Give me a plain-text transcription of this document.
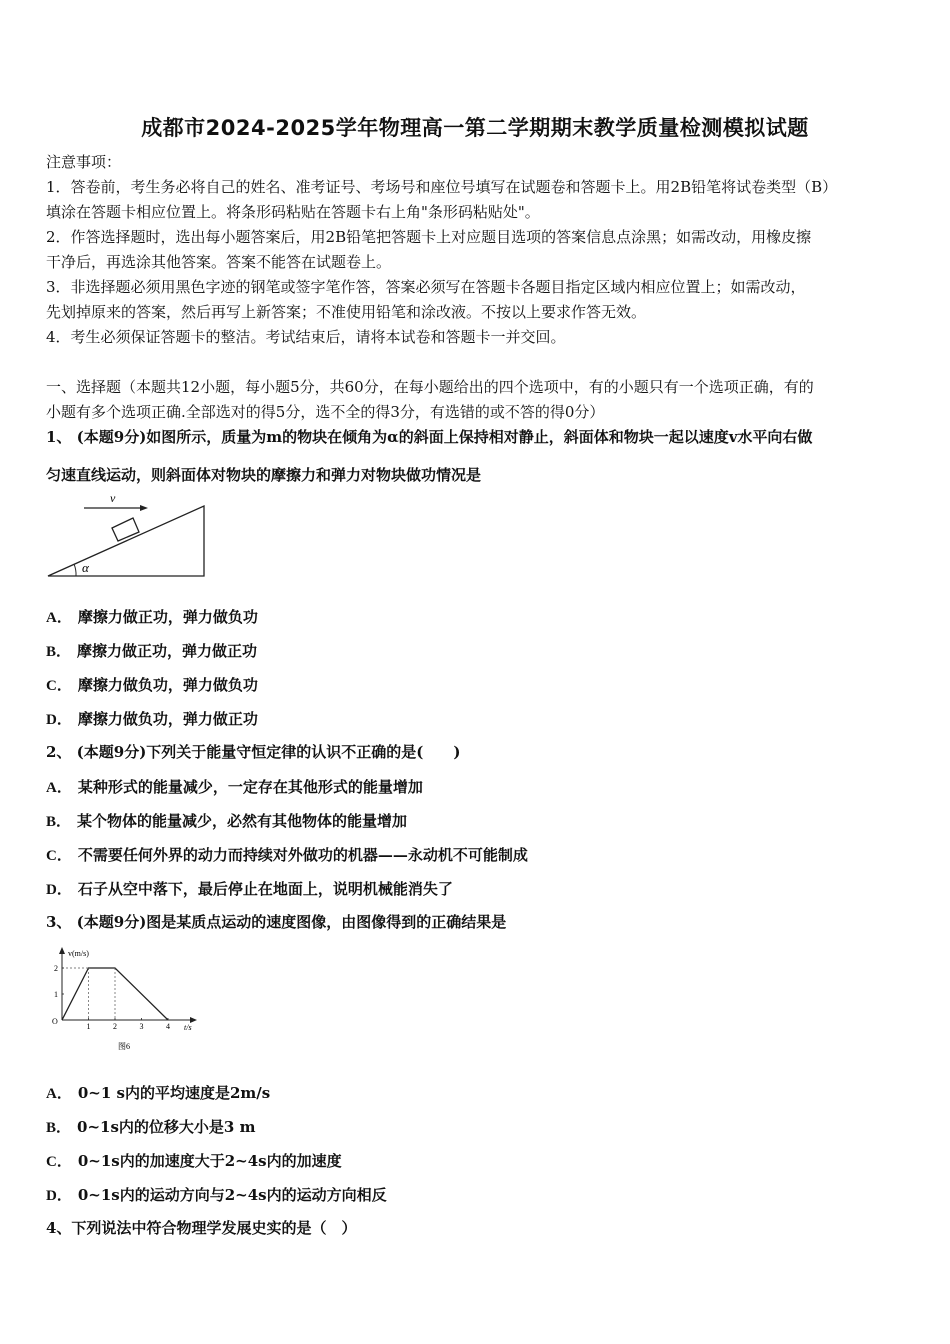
成都市2024-2025学年物理高一第二学期期末教学质量检测模拟试题
注意事项：
1．答卷前，考生务必将自己的姓名、准考证号、考场号和座位号填写在试题卷和答题卡上。用2B铅笔将试卷类型（B）
填涂在答题卡相应位置上。将条形码粘贴在答题卡右上角"条形码粘贴处"。
2．作答选择题时，选出每小题答案后，用2B铅笔把答题卡上对应题目选项的答案信息点涂黑；如需改动，用橡皮擦
干净后，再选涂其他答案。答案不能答在试题卷上。
3．非选择题必须用黑色字迹的钢笔或签字笔作答，答案必须写在答题卡各题目指定区域内相应位置上；如需改动，
先划掉原来的答案，然后再写上新答案；不准使用铅笔和涂改液。不按以上要求作答无效。
4．考生必须保证答题卡的整洁。考试结束后，请将本试卷和答题卡一并交回。
一、选择题（本题共12小题，每小题5分，共60分，在每小题给出的四个选项中，有的小题只有一个选项正确，有的
小题有多个选项正确.全部选对的得5分，选不全的得3分，有选错的或不答的得0分）
1、 (本题9分)如图所示，质量为m的物块在倾角为α的斜面上保持相对静止，斜面体和物块一起以速度v水平向右做
匀速直线运动，则斜面体对物块的摩擦力和弹力对物块做功情况是
v
α
A． 摩擦力做正功，弹力做负功
B． 摩擦力做正功，弹力做正功
C． 摩擦力做负功，弹力做负功
D． 摩擦力做负功，弹力做正功
2、 (本题9分)下列关于能量守恒定律的认识不正确的是(　　)
A． 某种形式的能量减少，一定存在其他形式的能量增加
B． 某个物体的能量减少，必然有其他物体的能量增加
C． 不需要任何外界的动力而持续对外做功的机器——永动机不可能制成
D． 石子从空中落下，最后停止在地面上，说明机械能消失了
3、 (本题9分)图是某质点运动的速度图像，由图像得到的正确结果是
v(m/s)
t/s
O
图6
1	2	3	4
1
2
A． 0~1 s内的平均速度是2m/s
B． 0~1s内的位移大小是3 m
C． 0~1s内的加速度大于2~4s内的加速度
D． 0~1s内的运动方向与2~4s内的运动方向相反
4、下列说法中符合物理学发展史实的是（　）
